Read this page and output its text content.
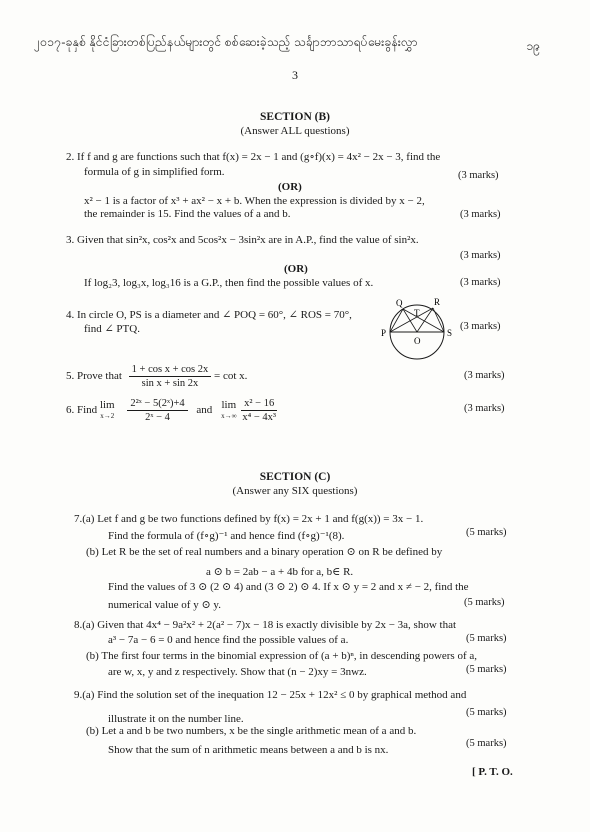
၂၀၁၇-ခုနှစ် နိုင်ငံခြားတစ်ပြည်နယ်များတွင် စစ်ဆေးခဲ့သည့် သင်္ချာဘာသာရပ်မေးခွန်းလွှာ	၁၉
3
SECTION (B)
(Answer ALL questions)
2. If f and g are functions such that f(x) = 2x − 1 and (g∘f)(x) = 4x² − 2x − 3, find the
formula of g in simplified form.	(3 marks)
(OR)
x² − 1 is a factor of x³ + ax² − x + b. When the expression is divided by x − 2,
the remainder is 15. Find the values of a and b.	(3 marks)
3. Given that sin²x, cos²x and 5cos²x − 3sin²x are in A.P., find the value of sin²x.
(3 marks)
(OR)
If log₂3, log₃x, log₃16 is a G.P., then find the possible values of x.	(3 marks)
4. In circle O, PS is a diameter and ∠ POQ = 60°, ∠ ROS = 70°,
find ∠ PTQ.	(3 marks)
Q
T
R
P
O
S
5. Prove that $\frac{\text{1 + cos x + cos 2x}}{\text{sin x + sin 2x}} = \cot x$.	(3 marks)
6. Find lim
x→2
$\frac{\text{2²ˣ − 5(2ˣ)+4}}{\text{2ˣ − 4}}$ and lim
x→∞
$\frac{\text{x² − 16}}{\text{x⁴ − 4x³}}$	(3 marks)
SECTION (C)
(Answer any SIX questions)
7.(a) Let f and g be two functions defined by f(x) = 2x + 1 and f(g(x)) = 3x − 1.
Find the formula of (f∘g)⁻¹ and hence find (f∘g)⁻¹(8).	(5 marks)
(b) Let R be the set of real numbers and a binary operation ⊙ on R be defined by
a ⊙ b = 2ab − a + 4b for a, b∈ R.
Find the values of 3 ⊙ (2 ⊙ 4) and (3 ⊙ 2) ⊙ 4. If x ⊙ y = 2 and x ≠ − 2, find the
numerical value of y ⊙ y.	(5 marks)
8.(a) Given that 4x⁴ − 9a²x² + 2(a² − 7)x − 18 is exactly divisible by 2x − 3a, show that
a³ − 7a − 6 = 0 and hence find the possible values of a.	(5 marks)
(b) The first four terms in the binomial expression of (a + b)ⁿ, in descending powers of a,
are w, x, y and z respectively. Show that (n − 2)xy = 3nwz.	(5 marks)
9.(a) Find the solution set of the inequation 12 − 25x + 12x² ≤ 0 by graphical method and
illustrate it on the number line.
(5 marks)
(b) Let a and b be two numbers, x be the single arithmetic mean of a and b.
Show that the sum of n arithmetic means between a and b is nx.
(5 marks)
[ P. T. O.
